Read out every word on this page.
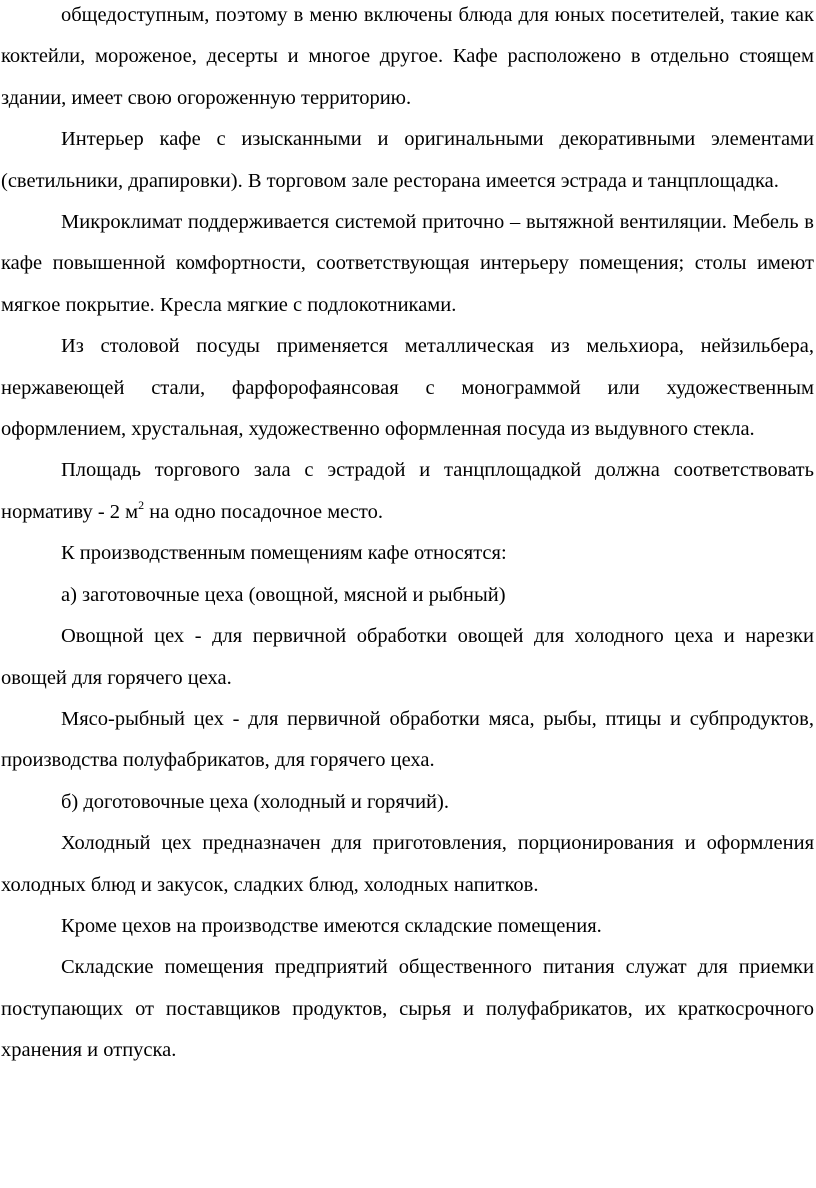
общедоступным, поэтому в меню включены блюда для юных посетителей, такие как коктейли, мороженое, десерты и многое другое. Кафе расположено в отдельно стоящем здании, имеет свою огороженную территорию.

Интерьер кафе с изысканными и оригинальными декоративными элементами (светильники, драпировки). В торговом зале ресторана имеется эстрада и танцплощадка.

Микроклимат поддерживается системой приточно – вытяжной вентиляции. Мебель в кафе повышенной комфортности, соответствующая интерьеру помещения; столы имеют мягкое покрытие. Кресла мягкие с подлокотниками.

Из столовой посуды применяется металлическая из мельхиора, нейзильбера, нержавеющей стали, фарфорофаянсовая с монограммой или художественным оформлением, хрустальная, художественно оформленная посуда из выдувного стекла.

Площадь торгового зала с эстрадой и танцплощадкой должна соответствовать нормативу - 2 $м^2$ на одно посадочное место.

К производственным помещениям кафе относятся:

а) заготовочные цеха (овощной, мясной и рыбный)

Овощной цех - для первичной обработки овощей для холодного цеха и нарезки овощей для горячего цеха.

Мясо-рыбный цех - для первичной обработки мяса, рыбы, птицы и субпродуктов, производства полуфабрикатов, для горячего цеха.

б) доготовочные цеха (холодный и горячий).

Холодный цех предназначен для приготовления, порционирования и оформления холодных блюд и закусок, сладких блюд, холодных напитков.

Кроме цехов на производстве имеются складские помещения.

Складские помещения предприятий общественного питания служат для приемки поступающих от поставщиков продуктов, сырья и полуфабрикатов, их краткосрочного хранения и отпуска.
